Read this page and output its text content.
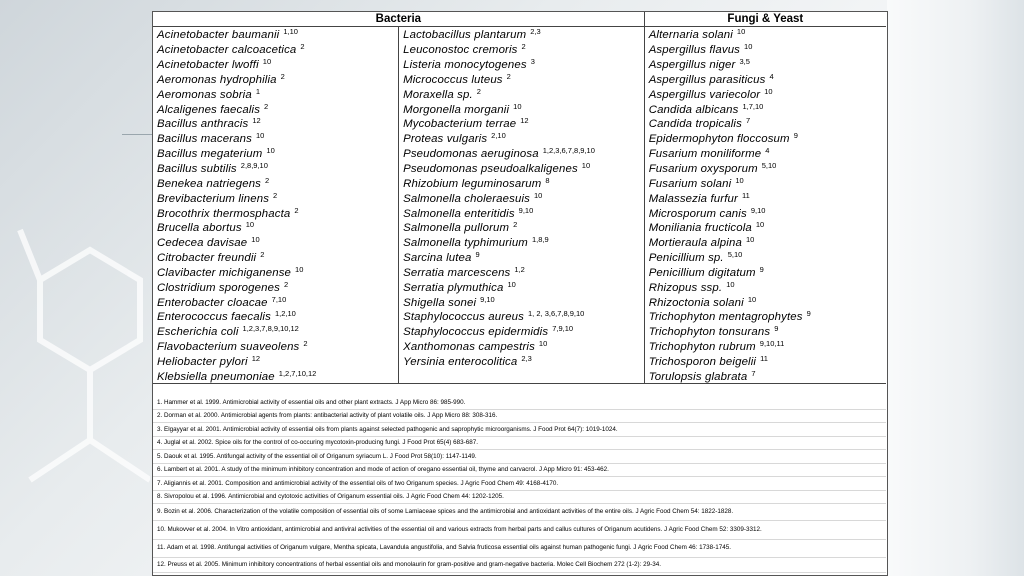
Bacteria		Fungi & Yeast
Acinetobacter baumanii $^{1,10}$	Lactobacillus plantarum $^{2,3}$	Alternaria solani $^{10}$
Acinetobacter calcoacetica $^2$	Leuconostoc cremoris $^2$	Aspergillus flavus $^{10}$
Acinetobacter lwoffi $^{10}$	Listeria monocytogenes $^3$	Aspergillus niger $^{3,5}$
Aeromonas hydrophilia $^2$	Micrococcus luteus $^2$	Aspergillus parasiticus $^4$
Aeromonas sobria $^1$	Moraxella sp. $^2$	Aspergillus variecolor $^{10}$
Alcaligenes faecalis $^2$	Morgonella morganii $^{10}$	Candida albicans $^{1,7,10}$
Bacillus anthracis $^{12}$	Mycobacterium terrae $^{12}$	Candida tropicalis $^7$
Bacillus macerans $^{10}$	Proteas vulgaris $^{2,10}$	Epidermophyton floccosum $^9$
Bacillus megaterium $^{10}$	Pseudomonas aeruginosa $^{1,2,3,6,7,8,9,10}$	Fusarium moniliforme $^4$
Bacillus subtilis $^{2,8,9,10}$	Pseudomonas pseudoalkaligenes $^{10}$	Fusarium oxysporum $^{5,10}$
Benekea natriegens $^2$	Rhizobium leguminosarum $^8$	Fusarium solani $^{10}$
Brevibacterium linens $^2$	Salmonella choleraesuis $^{10}$	Malassezia furfur $^{11}$
Brocothrix thermosphacta $^2$	Salmonella enteritidis $^{9,10}$	Microsporum canis $^{9,10}$
Brucella abortus $^{10}$	Salmonella pullorum $^2$	Moniliania fructicola $^{10}$
Cedecea davisae $^{10}$	Salmonella typhimurium $^{1,8,9}$	Mortieraula alpina $^{10}$
Citrobacter freundii $^2$	Sarcina lutea $^9$	Penicillium sp. $^{5,10}$
Clavibacter michiganense $^{10}$	Serratia marcescens $^{1,2}$	Penicillium digitatum $^9$
Clostridium sporogenes $^2$	Serratia plymuthica $^{10}$	Rhizopus ssp. $^{10}$
Enterobacter cloacae $^{7,10}$	Shigella sonei $^{9,10}$	Rhizoctonia solani $^{10}$
Enterococcus faecalis $^{1,2,10}$	Staphylococcus aureus $^{1, 2, 3,6,7,8,9,10}$	Trichophyton mentagrophytes $^9$
Escherichia coli $^{1,2,3,7,8,9,10,12}$	Staphylococcus epidermidis $^{7,9,10}$	Trichophyton tonsurans $^9$
Flavobacterium suaveolens $^2$	Xanthomonas campestris $^{10}$	Trichophyton rubrum $^{9,10,11}$
Heliobacter pylori $^{12}$	Yersinia enterocolitica $^{2,3}$	Trichosporon beigelii $^{11}$
Klebsiella pneumoniae $^{1,2,7,10,12}$		Torulopsis glabrata $^7$
1. Hammer et al. 1999. Antimicrobial activity of essential oils and other plant extracts. J App Micro 86: 985-990.
2. Dorman et al. 2000. Antimicrobial agents from plants: antibacterial activity of plant volatile oils. J App Micro 88: 308-316.
3. Elgayyar et al. 2001. Antimicrobial activity of essential oils from plants against selected pathogenic and saprophytic microorganisms. J Food Prot 64(7): 1019-1024.
4. Juglal et al. 2002. Spice oils for the control of co-occuring mycotoxin-producing fungi. J Food Prot 65(4) 683-687.
5. Daouk et al. 1995. Antifungal activity of the essential oil of Origanum syriacum L. J Food Prot 58(10): 1147-1149.
6. Lambert et al. 2001. A study of the minimum inhibitory concentration and mode of action of oregano essential oil, thyme and carvacrol. J App Micro 91: 453-462.
7. Aligiannis et al. 2001. Composition and antimicrobial activity of the essential oils of two Origanum species. J Agric Food Chem 49: 4168-4170.
8. Sivropolou et al. 1996. Antimicrobial and cytotoxic activities of Origanum essential oils. J Agric Food Chem 44: 1202-1205.
9. Bozin et al. 2006. Characterization of the volatile composition of essential oils of some Lamiaceae spices and the antimicrobial and antioxidant activities of the entire oils. J Agric Food Chem 54: 1822-1828.
10. Mukovver et al. 2004. In Vitro antioxidant, antimicrobial and antiviral activities of the essential oil and various extracts from herbal parts and callus cultures of Origanum acutidens. J Agric Food Chem 52: 3309-3312.
11. Adam et al. 1998. Antifungal activities of Origanum vulgare, Mentha spicata, Lavandula angustifolia, and Salvia fruticosa essential oils against human pathogenic fungi. J Agric Food Chem 46: 1738-1745.
12. Preuss et al. 2005. Minimum inhibitory concentrations of herbal essential oils and monolaurin for gram-positive and gram-negative bacteria. Molec Cell Biochem 272 (1-2): 29-34.
